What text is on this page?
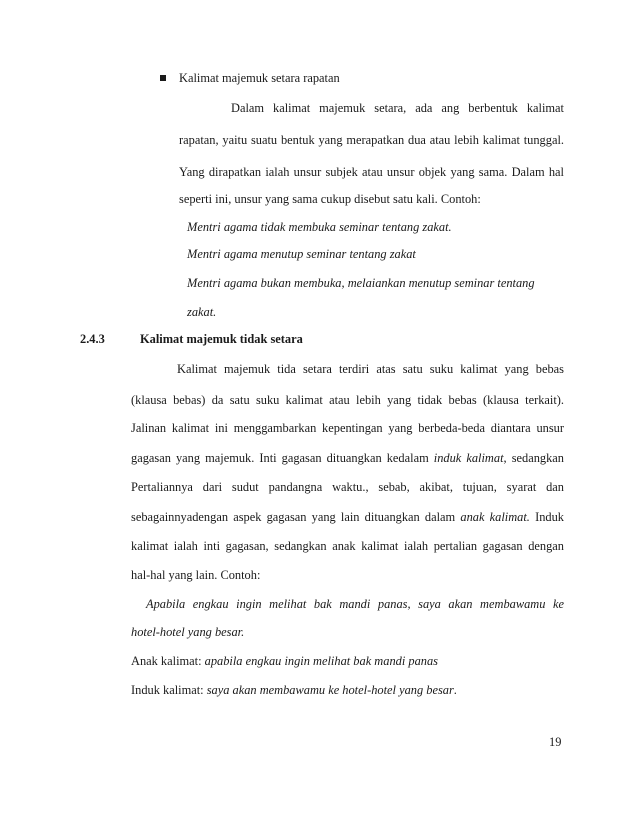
Kalimat majemuk setara rapatan
Dalam kalimat majemuk setara, ada ang berbentuk kalimat
rapatan, yaitu suatu bentuk yang merapatkan dua atau lebih kalimat tunggal.
Yang dirapatkan ialah unsur subjek atau unsur objek yang sama. Dalam hal
seperti ini, unsur yang sama cukup disebut satu kali. Contoh:
Mentri agama tidak membuka seminar tentang zakat.
Mentri agama menutup seminar tentang zakat
Mentri agama bukan membuka, melaiankan menutup seminar tentang
zakat.
2.4.3	Kalimat majemuk tidak setara
Kalimat majemuk tida setara terdiri atas satu suku kalimat yang bebas
(klausa bebas) da satu suku kalimat atau lebih yang tidak bebas (klausa terkait).
Jalinan kalimat ini menggambarkan kepentingan yang berbeda-beda diantara unsur
gagasan yang majemuk. Inti gagasan dituangkan kedalam induk kalimat, sedangkan
Pertaliannya dari sudut pandangna waktu., sebab, akibat, tujuan, syarat dan
sebagainnyadengan aspek gagasan yang lain dituangkan dalam anak kalimat. Induk
kalimat ialah inti gagasan, sedangkan anak kalimat ialah pertalian gagasan dengan
hal-hal yang lain. Contoh:
Apabila engkau ingin melihat bak mandi panas, saya akan membawamu ke
hotel-hotel yang besar.
Anak kalimat: apabila engkau ingin melihat bak mandi panas
Induk kalimat: saya akan membawamu ke hotel-hotel yang besar.
19
